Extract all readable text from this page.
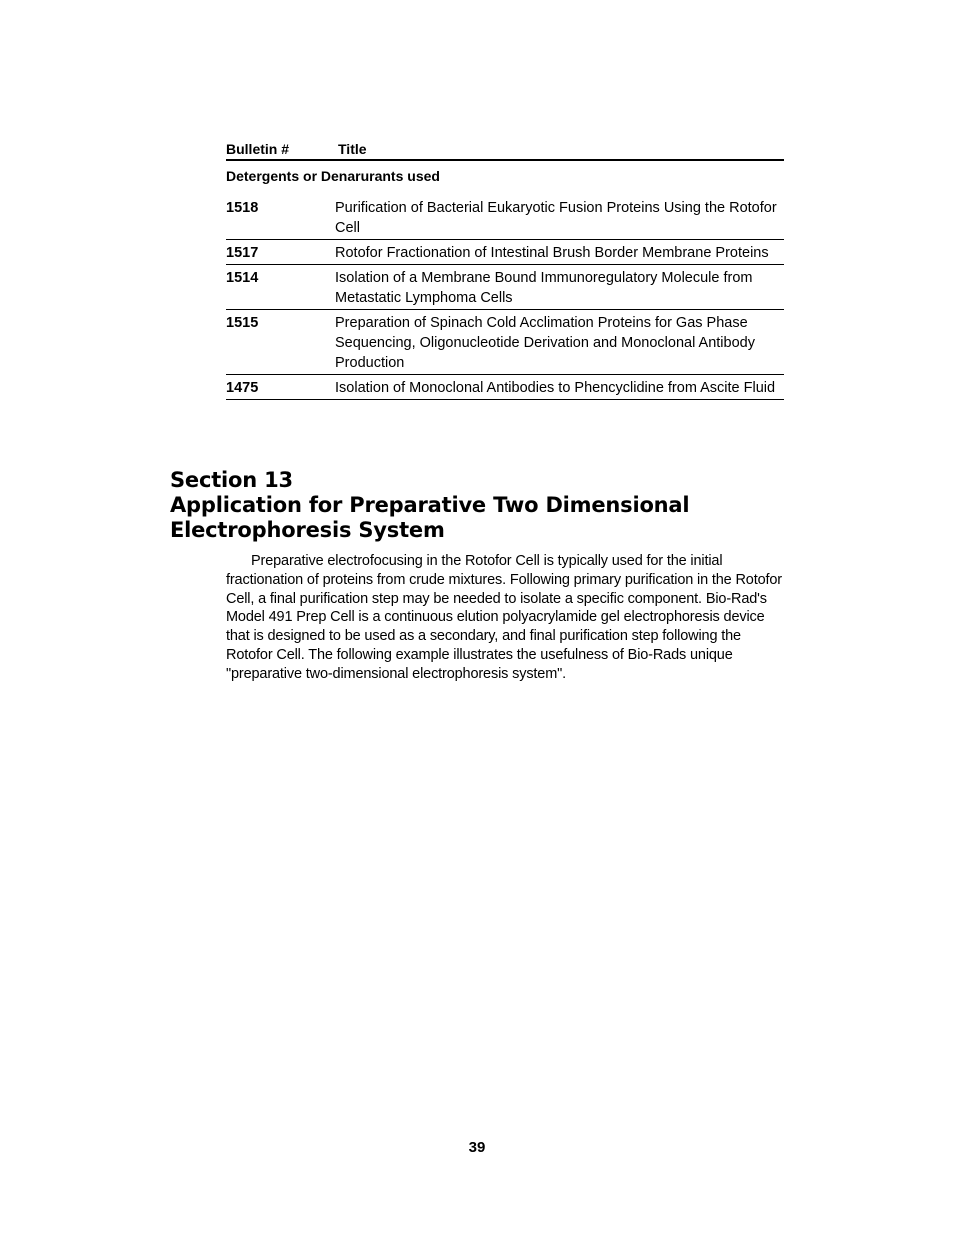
Bulletin #	Title
Detergents or Denarurants used
1518	Purification of Bacterial Eukaryotic Fusion Proteins Using the Rotofor Cell
1517	Rotofor Fractionation of Intestinal Brush Border Membrane Proteins
1514	Isolation of a Membrane Bound Immunoregulatory Molecule from Metastatic Lymphoma Cells
1515	Preparation of Spinach Cold Acclimation Proteins for Gas Phase Sequencing, Oligonucleotide Derivation and Monoclonal Antibody Production
1475	Isolation of Monoclonal Antibodies to Phencyclidine from Ascite Fluid
Section 13
Application for Preparative Two Dimensional
Electrophoresis System

Preparative electrofocusing in the Rotofor Cell is typically used for the initial fractionation of proteins from crude mixtures. Following primary purification in the Rotofor Cell, a final purification step may be needed to isolate a specific component. Bio-Rad's Model 491 Prep Cell is a continuous elution polyacrylamide gel electrophoresis device that is designed to be used as a secondary, and final purification step following the Rotofor Cell. The following example illustrates the usefulness of Bio-Rads unique "preparative two-dimensional electrophoresis system".

39
